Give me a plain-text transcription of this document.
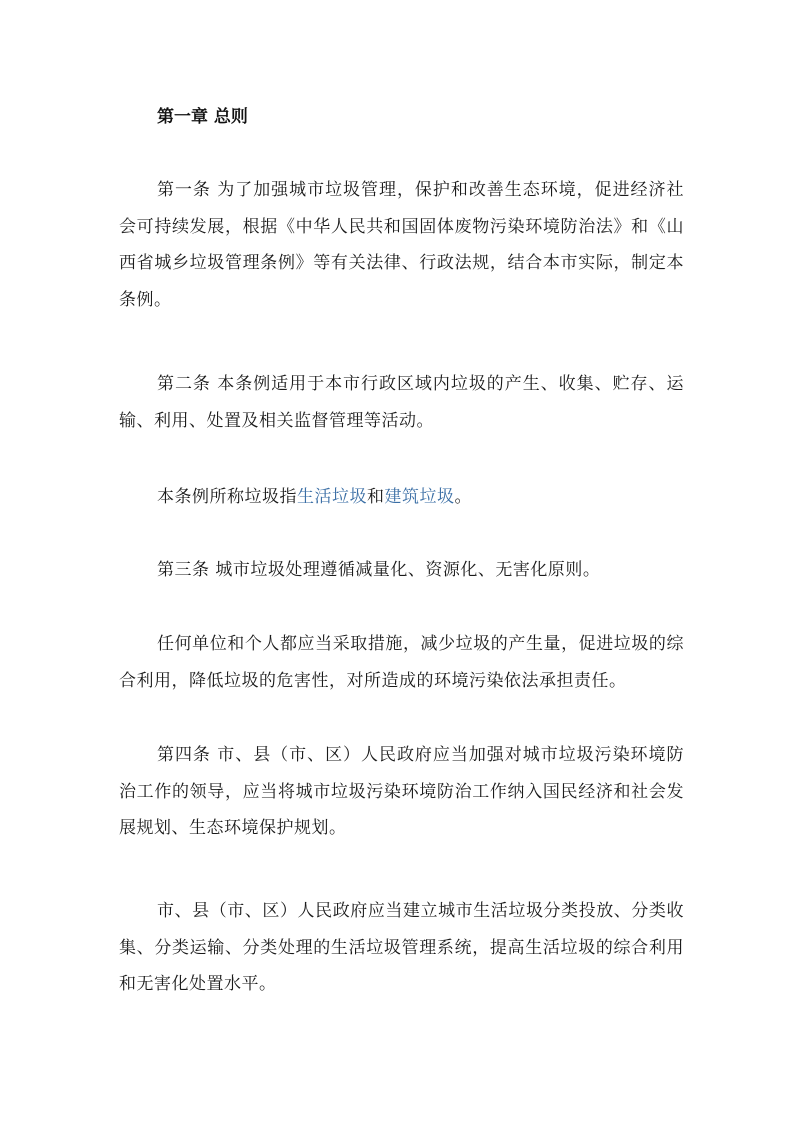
第一章 总则

第一条 为了加强城市垃圾管理，保护和改善生态环境，促进经济社会可持续发展，根据《中华人民共和国固体废物污染环境防治法》和《山西省城乡垃圾管理条例》等有关法律、行政法规，结合本市实际，制定本条例。

第二条 本条例适用于本市行政区域内垃圾的产生、收集、贮存、运输、利用、处置及相关监督管理等活动。

本条例所称垃圾指生活垃圾和建筑垃圾。

第三条 城市垃圾处理遵循减量化、资源化、无害化原则。

任何单位和个人都应当采取措施，减少垃圾的产生量，促进垃圾的综合利用，降低垃圾的危害性，对所造成的环境污染依法承担责任。

第四条 市、县（市、区）人民政府应当加强对城市垃圾污染环境防治工作的领导，应当将城市垃圾污染环境防治工作纳入国民经济和社会发展规划、生态环境保护规划。

市、县（市、区）人民政府应当建立城市生活垃圾分类投放、分类收集、分类运输、分类处理的生活垃圾管理系统，提高生活垃圾的综合利用和无害化处置水平。
